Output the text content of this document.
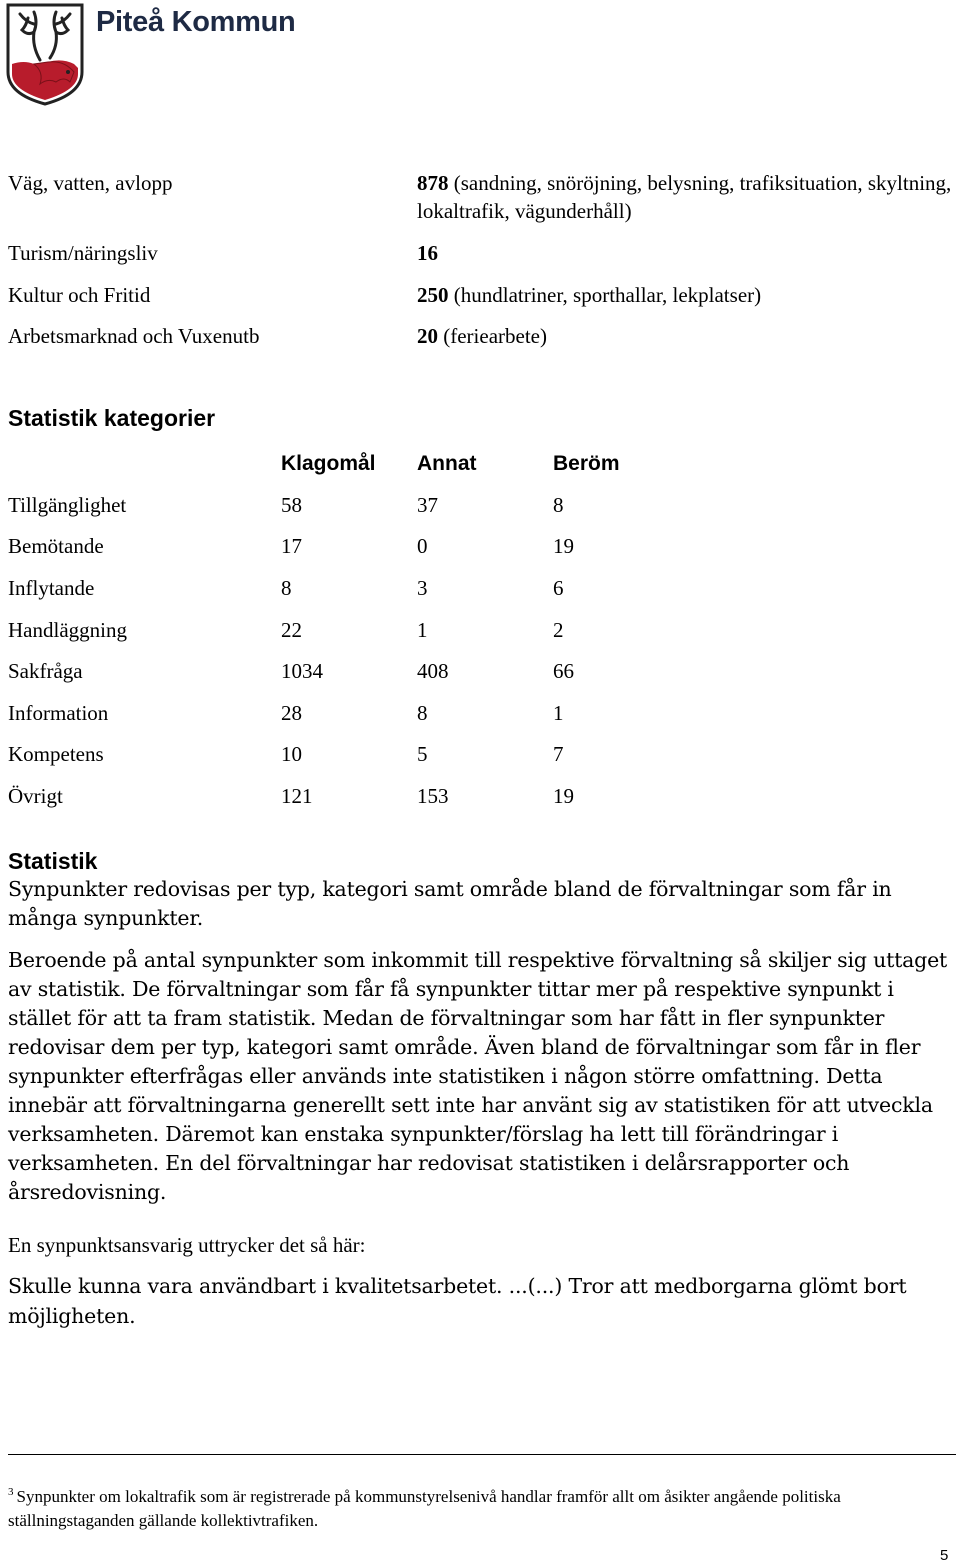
Piteå Kommun
Väg, vatten, avlopp	878 (sandning, snöröjning, belysning, trafiksituation, skyltning, lokaltrafik, vägunderhåll)
Turism/näringsliv	16
Kultur och Fritid	250 (hundlatriner, sporthallar, lekplatser)
Arbetsmarknad och Vuxenutb	20 (feriearbete)
Statistik kategorier
Klagomål	Annat	Beröm
Tillgänglighet	58	37	8
Bemötande	17	0	19
Inflytande	8	3	6
Handläggning	22	1	2
Sakfråga	1034	408	66
Information	28	8	1
Kompetens	10	5	7
Övrigt	121	153	19
Statistik
Synpunkter redovisas per typ, kategori samt område bland de förvaltningar som får in många synpunkter.
Beroende på antal synpunkter som inkommit till respektive förvaltning så skiljer sig uttaget av statistik. De förvaltningar som får få synpunkter tittar mer på respektive synpunkt i stället för att ta fram statistik. Medan de förvaltningar som har fått in fler synpunkter redovisar dem per typ, kategori samt område. Även bland de förvaltningar som får in fler synpunkter efterfrågas eller används inte statistiken i någon större omfattning. Detta innebär att förvaltningarna generellt sett inte har använt sig av statistiken för att utveckla verksamheten. Däremot kan enstaka synpunkter/förslag ha lett till förändringar i verksamheten. En del förvaltningar har redovisat statistiken i delårsrapporter och årsredovisning.
En synpunktsansvarig uttrycker det så här:
Skulle kunna vara användbart i kvalitetsarbetet. ...(...) Tror att medborgarna glömt bort möjligheten.
$^3$ Synpunkter om lokaltrafik som är registrerade på kommunstyrelsenivå handlar framför allt om åsikter angående politiska ställningstaganden gällande kollektivtrafiken.
5
